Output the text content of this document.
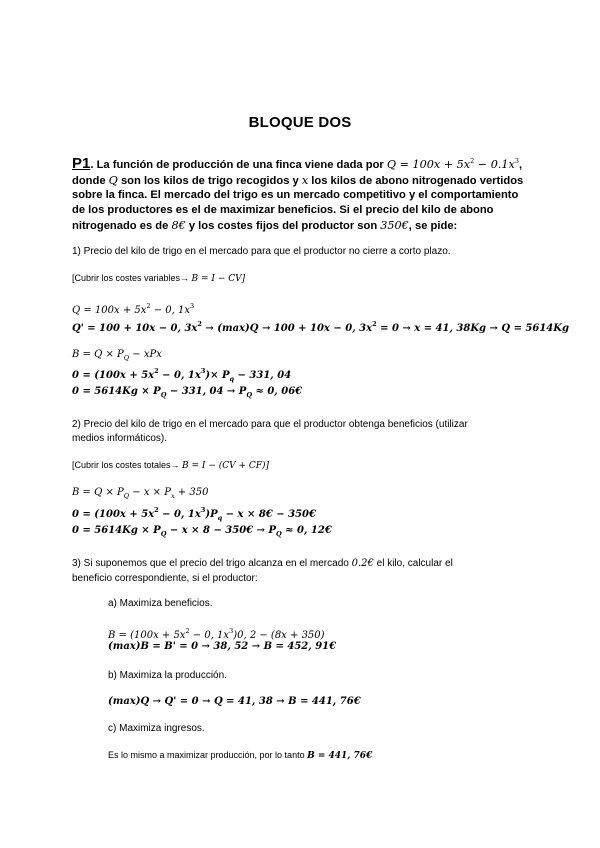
BLOQUE DOS
P1. La función de producción de una finca viene dada por $Q = 100x + 5x^2 - 0.1x^3$,
donde Q son los kilos de trigo recogidos y x los kilos de abono nitrogenado vertidos
sobre la finca. El mercado del trigo es un mercado competitivo y el comportamiento
de los productores es el de maximizar beneficios. Si el precio del kilo de abono
nitrogenado es de 8€ y los costes fijos del productor son 350€, se pide:
1) Precio del kilo de trigo en el mercado para que el productor no cierre a corto plazo.
[Cubrir los costes variables→ B = I − CV]
$Q = 100x + 5x^2 - 0$, $1x^3$
Q' = 100 + 10x − 0, $3x^2 \to (\max)Q \to 100 + 10x - 0$, $3x^2 = 0 \to x = 41$, 38Kg → Q = 5614Kg
$B = Q \times P_Q$ − xPx
$0 = (100x + 5x^2 - 0$, $1x^3)\times P_q - 331$, 04
$0 = 5614Kg \times P_Q - 331$, $04 \to P_Q \approx 0$, 06€
2) Precio del kilo de trigo en el mercado para que el productor obtenga beneficios (utilizar
medios informáticos).
[Cubrir los costes totales→ B = I − (CV + CF)]
$B = Q \times P_Q - x \times P_x + 350$
$0 = (100x + 5x^2 - 0$, $1x^3)P_q - x$ × 8€ − 350€
$0 = 5614Kg \times P_Q - x \times 8$ − 350€ → $P_Q \approx 0$, 12€
3) Si suponemos que el precio del trigo alcanza en el mercado 0.2€ el kilo, calcular el
beneficio correspondiente, si el productor:
a) Maximiza beneficios.
$B = (100x + 5x^2 - 0$, $1x^3)0$, 2 − (8x + 350)
(max)B = B' = 0 → 38, 52 → B = 452, 91€
b) Maximiza la producción.
(max)Q → Q' = 0 → Q = 41, 38 → B = 441, 76€
c) Maximiza ingresos.
Es lo mismo a maximizar producción, por lo tanto B = 441, 76€
